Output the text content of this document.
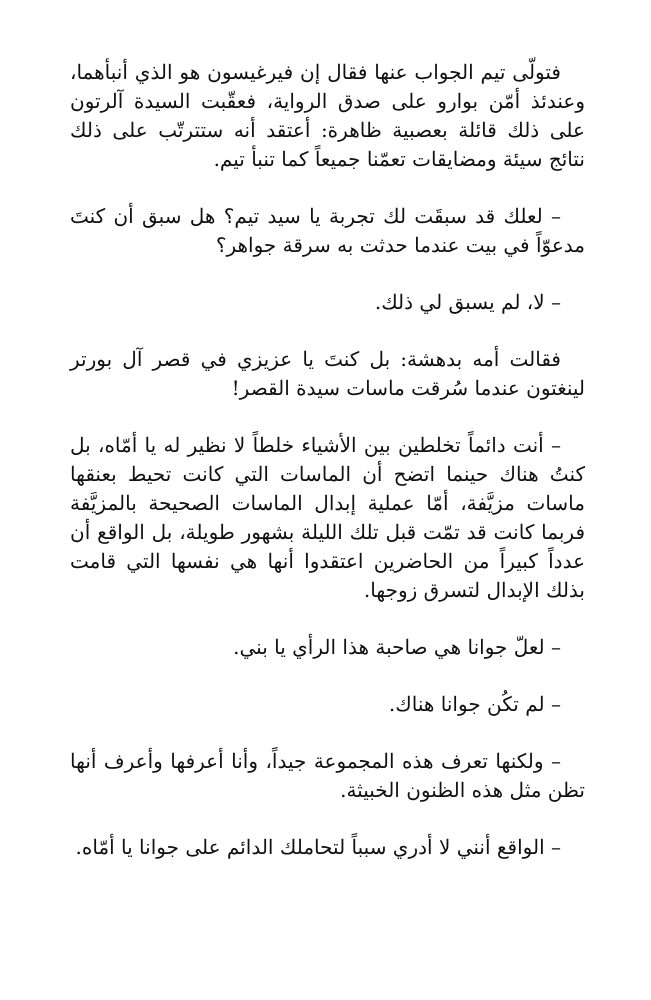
فتولّى تيم الجواب عنها فقال إن فيرغيسون هو الذي أنبأهما، وعندئذ أمّن بوارو على صدق الرواية، فعقّبت السيدة آلرتون على ذلك قائلة بعصبية ظاهرة: أعتقد أنه ستترتّب على ذلك نتائج سيئة ومضايقات تعمّنا جميعاً كما تنبأ تيم.

– لعلك قد سبقَت لك تجربة يا سيد تيم؟ هل سبق أن كنتَ مدعوّاً في بيت عندما حدثت به سرقة جواهر؟

– لا، لم يسبق لي ذلك.

فقالت أمه بدهشة: بل كنتَ يا عزيزي في قصر آل بورتر لينغتون عندما سُرقت ماسات سيدة القصر!

– أنت دائماً تخلطين بين الأشياء خلطاً لا نظير له يا أمّاه، بل كنتُ هناك حينما اتضح أن الماسات التي كانت تحيط بعنقها ماسات مزيَّفة، أمّا عملية إبدال الماسات الصحيحة بالمزيَّفة فربما كانت قد تمّت قبل تلك الليلة بشهور طويلة، بل الواقع أن عدداً كبيراً من الحاضرين اعتقدوا أنها هي نفسها التي قامت بذلك الإبدال لتسرق زوجها.

– لعلّ جوانا هي صاحبة هذا الرأي يا بني.

– لم تكُن جوانا هناك.

– ولكنها تعرف هذه المجموعة جيداً، وأنا أعرفها وأعرف أنها تظن مثل هذه الظنون الخبيثة.

– الواقع أنني لا أدري سبباً لتحاملك الدائم على جوانا يا أمّاه.
